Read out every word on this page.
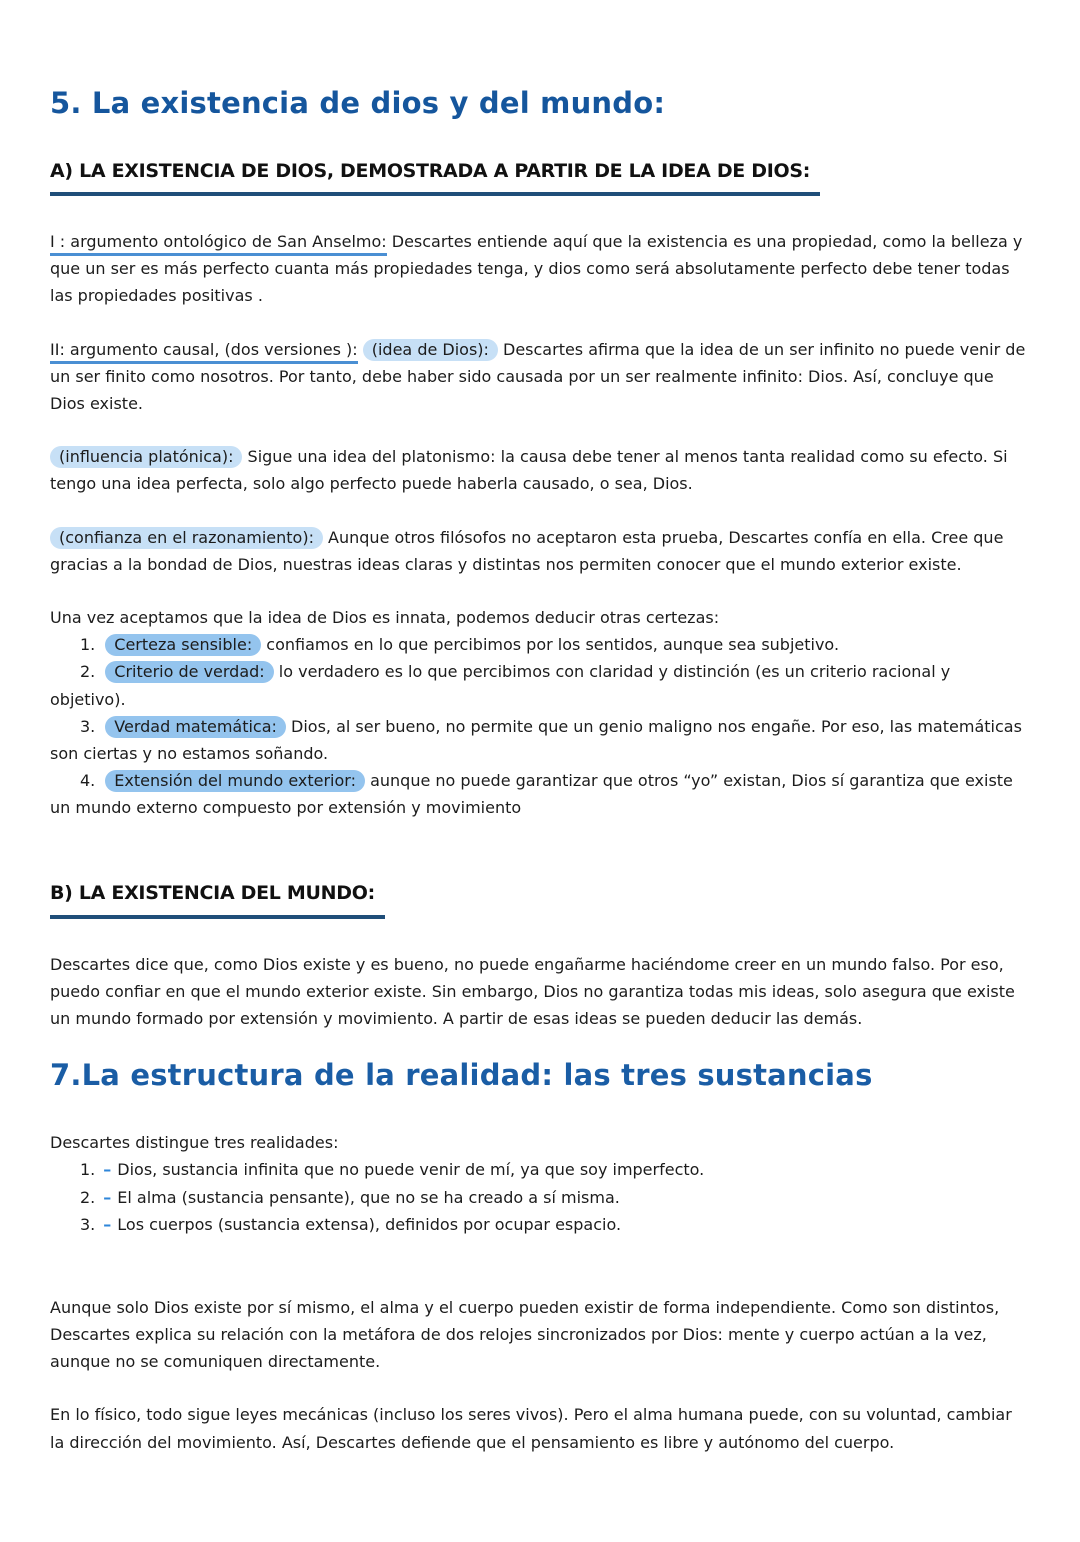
5. La existencia de dios y del mundo:
A) LA EXISTENCIA DE DIOS, DEMOSTRADA A PARTIR DE LA IDEA DE DIOS:

I : argumento ontológico de San Anselmo: Descartes entiende aquí que la existencia es una propiedad, como la belleza y que un ser es más perfecto cuanta más propiedades tenga, y dios como será absolutamente perfecto debe tener todas las propiedades positivas .

II: argumento causal, (dos versiones ): (idea de Dios): Descartes afirma que la idea de un ser infinito no puede venir de un ser finito como nosotros. Por tanto, debe haber sido causada por un ser realmente infinito: Dios. Así, concluye que Dios existe.

(influencia platónica): Sigue una idea del platonismo: la causa debe tener al menos tanta realidad como su efecto. Si tengo una idea perfecta, solo algo perfecto puede haberla causado, o sea, Dios.

(confianza en el razonamiento): Aunque otros filósofos no aceptaron esta prueba, Descartes confía en ella. Cree que gracias a la bondad de Dios, nuestras ideas claras y distintas nos permiten conocer que el mundo exterior existe.

Una vez aceptamos que la idea de Dios es innata, podemos deducir otras certezas:

1. Certeza sensible: confiamos en lo que percibimos por los sentidos, aunque sea subjetivo.

2. Criterio de verdad: lo verdadero es lo que percibimos con claridad y distinción (es un criterio racional y objetivo).

3. Verdad matemática: Dios, al ser bueno, no permite que un genio maligno nos engañe. Por eso, las matemáticas son ciertas y no estamos soñando.

4. Extensión del mundo exterior: aunque no puede garantizar que otros “yo” existan, Dios sí garantiza que existe un mundo externo compuesto por extensión y movimiento

B) LA EXISTENCIA DEL MUNDO:

Descartes dice que, como Dios existe y es bueno, no puede engañarme haciéndome creer en un mundo falso. Por eso, puedo confiar en que el mundo exterior existe. Sin embargo, Dios no garantiza todas mis ideas, solo asegura que existe un mundo formado por extensión y movimiento. A partir de esas ideas se pueden deducir las demás.

7.La estructura de la realidad: las tres sustancias

Descartes distingue tres realidades:

1. – Dios, sustancia infinita que no puede venir de mí, ya que soy imperfecto.

2. – El alma (sustancia pensante), que no se ha creado a sí misma.

3. – Los cuerpos (sustancia extensa), definidos por ocupar espacio.

Aunque solo Dios existe por sí mismo, el alma y el cuerpo pueden existir de forma independiente. Como son distintos, Descartes explica su relación con la metáfora de dos relojes sincronizados por Dios: mente y cuerpo actúan a la vez, aunque no se comuniquen directamente.

En lo físico, todo sigue leyes mecánicas (incluso los seres vivos). Pero el alma humana puede, con su voluntad, cambiar la dirección del movimiento. Así, Descartes defiende que el pensamiento es libre y autónomo del cuerpo.
